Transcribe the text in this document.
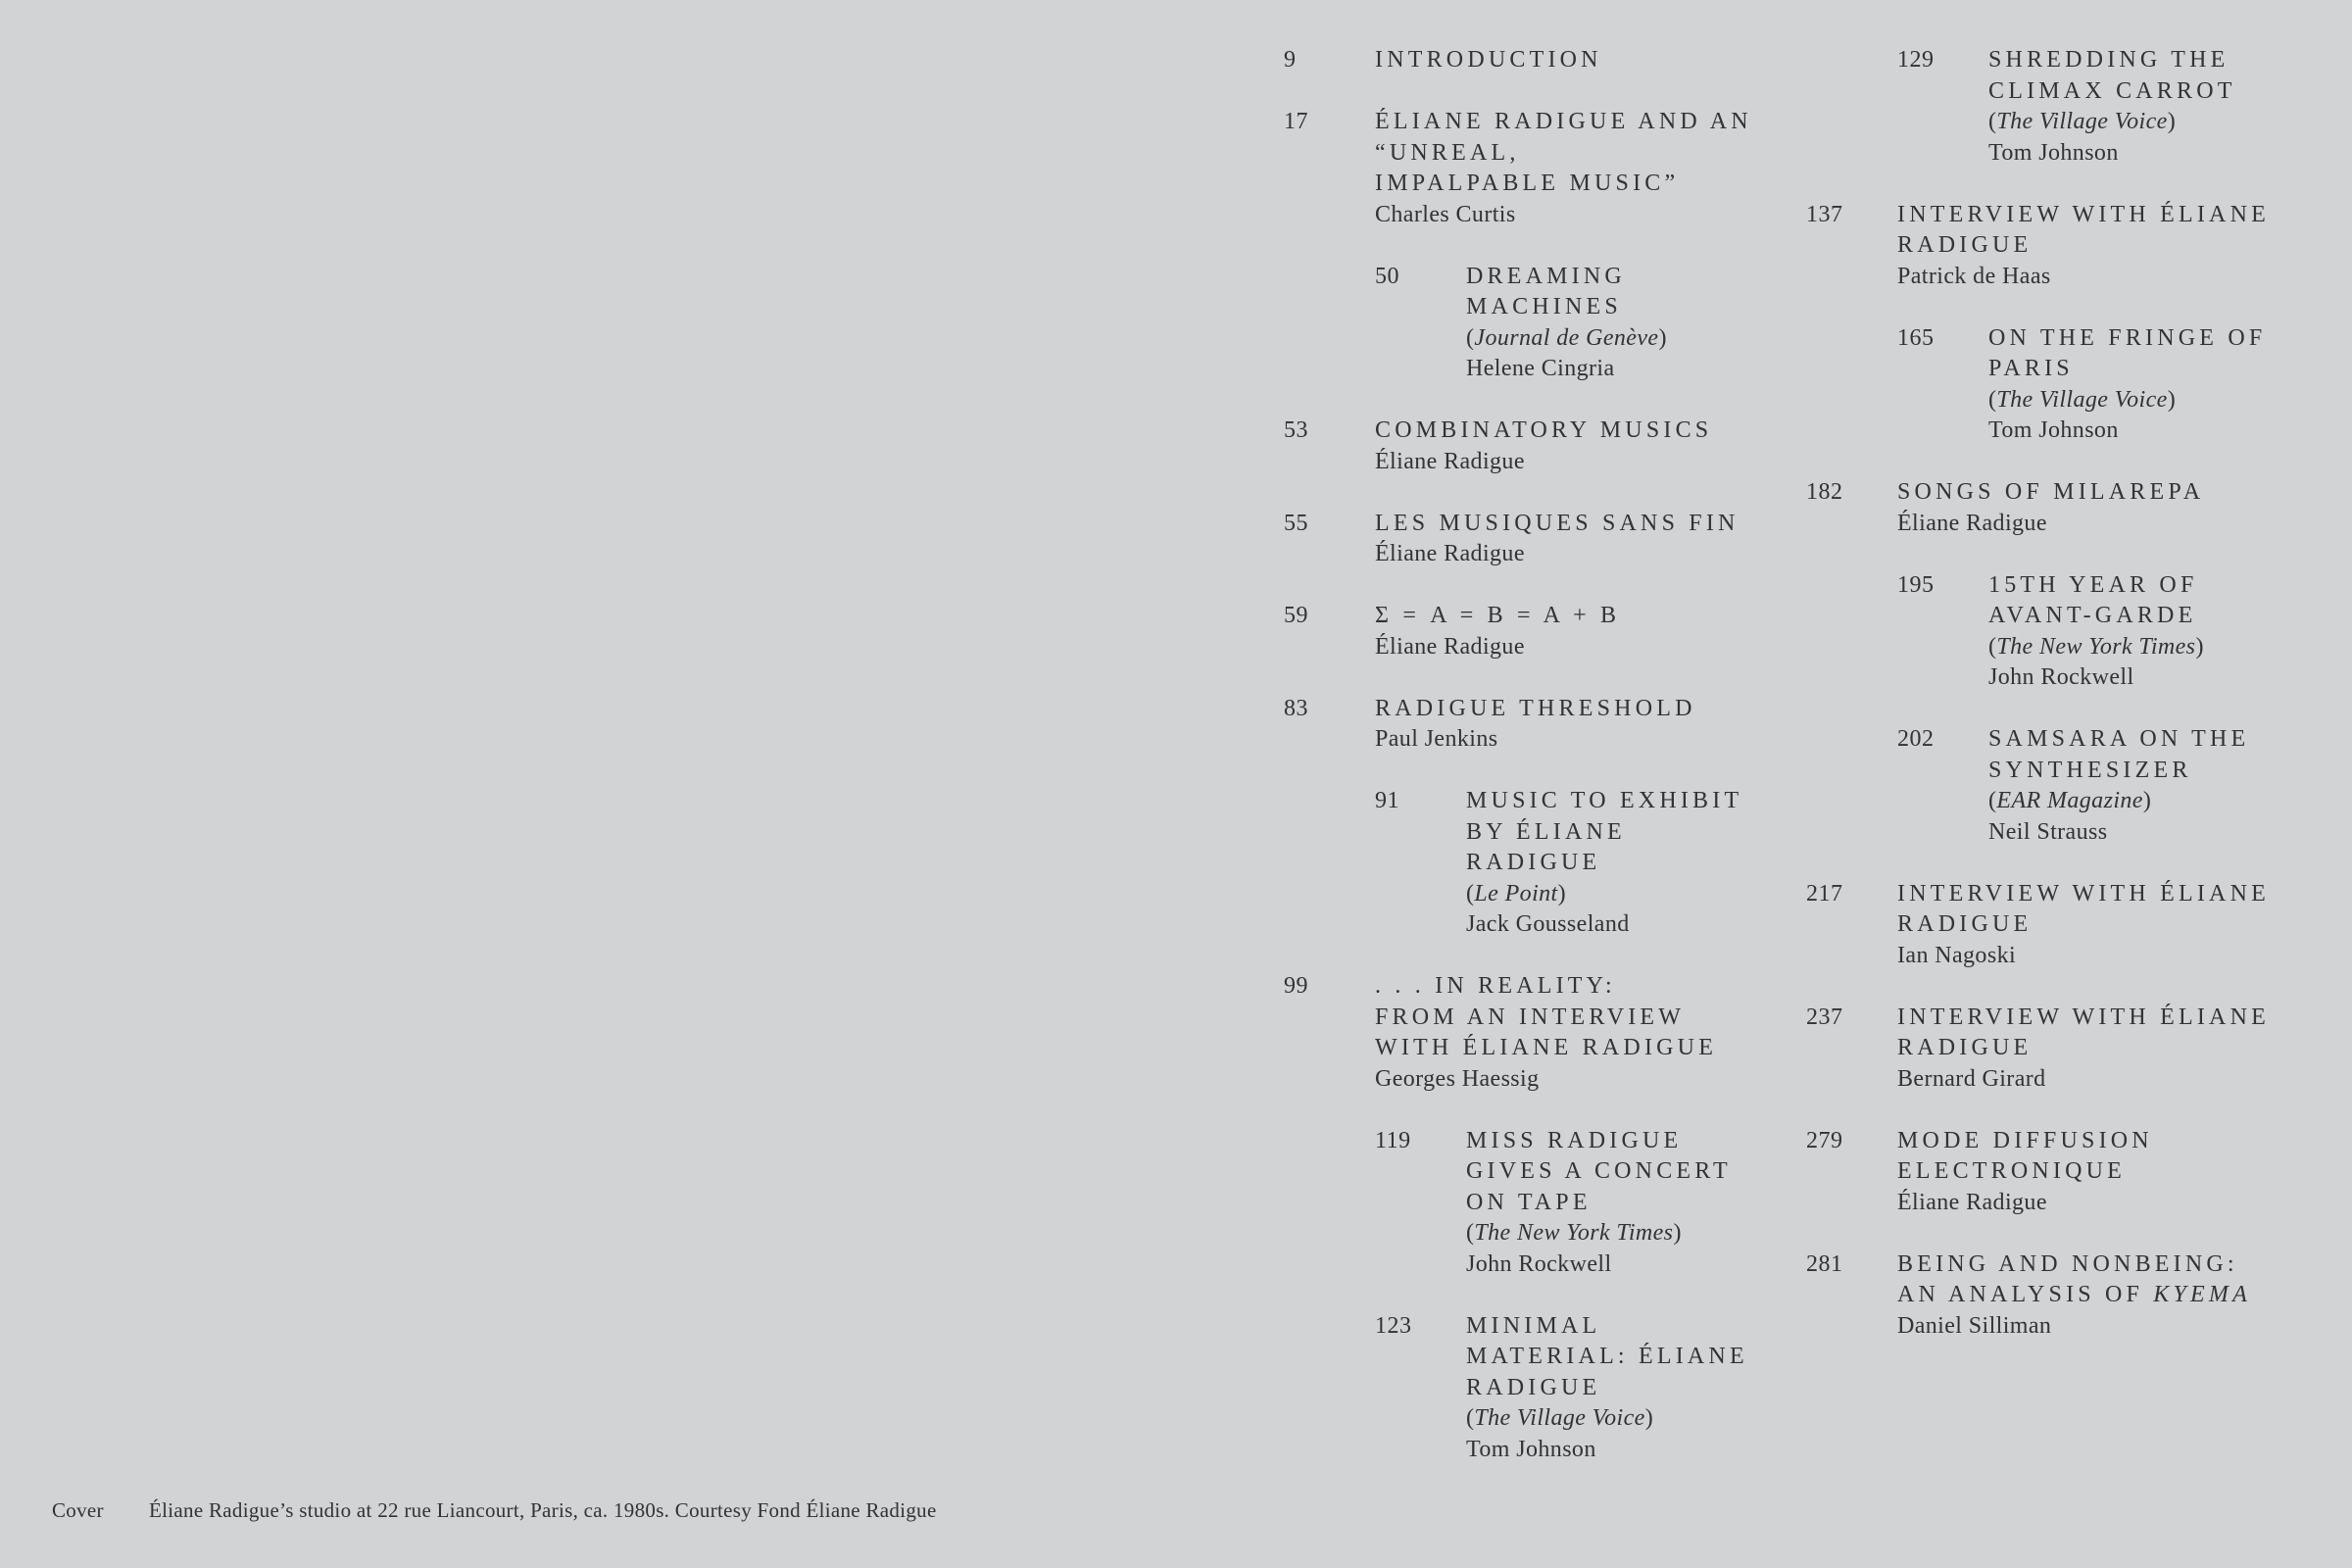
9	INTRODUCTION
17	ÉLIANE RADIGUE AND AN
“UNREAL,
IMPALPABLE MUSIC”
Charles Curtis
50	DREAMING
MACHINES
(Journal de Genève)
Helene Cingria
53	COMBINATORY MUSICS
Éliane Radigue
55	LES MUSIQUES SANS FIN
Éliane Radigue
59	Σ = A = B = A + B
Éliane Radigue
83	RADIGUE THRESHOLD
Paul Jenkins
91	MUSIC TO EXHIBIT
BY ÉLIANE
RADIGUE
(Le Point)
Jack Gousseland
99	. . . IN REALITY:
FROM AN INTERVIEW
WITH ÉLIANE RADIGUE
Georges Haessig
119 MISS RADIGUE
GIVES A CONCERT
ON TAPE
(The New York Times)
John Rockwell
123 MINIMAL
MATERIAL: ÉLIANE
RADIGUE
(The Village Voice)
Tom Johnson
129 SHREDDING THE
CLIMAX CARROT
(The Village Voice)
Tom Johnson
137 INTERVIEW WITH ÉLIANE
RADIGUE
Patrick de Haas
165 ON THE FRINGE OF
PARIS
(The Village Voice)
Tom Johnson
182 SONGS OF MILAREPA
Éliane Radigue
195 15TH YEAR OF
AVANT-GARDE
(The New York Times)
John Rockwell
202 SAMSARA ON THE
SYNTHESIZER
(EAR Magazine)
Neil Strauss
217 INTERVIEW WITH ÉLIANE
RADIGUE
Ian Nagoski
237 INTERVIEW WITH ÉLIANE
RADIGUE
Bernard Girard
279 MODE DIFFUSION
ELECTRONIQUE
Éliane Radigue
281 BEING AND NONBEING:
AN ANALYSIS OF KYEMA
Daniel Silliman
Cover Éliane Radigue’s studio at 22 rue Liancourt, Paris, ca. 1980s. Courtesy Fond Éliane Radigue
